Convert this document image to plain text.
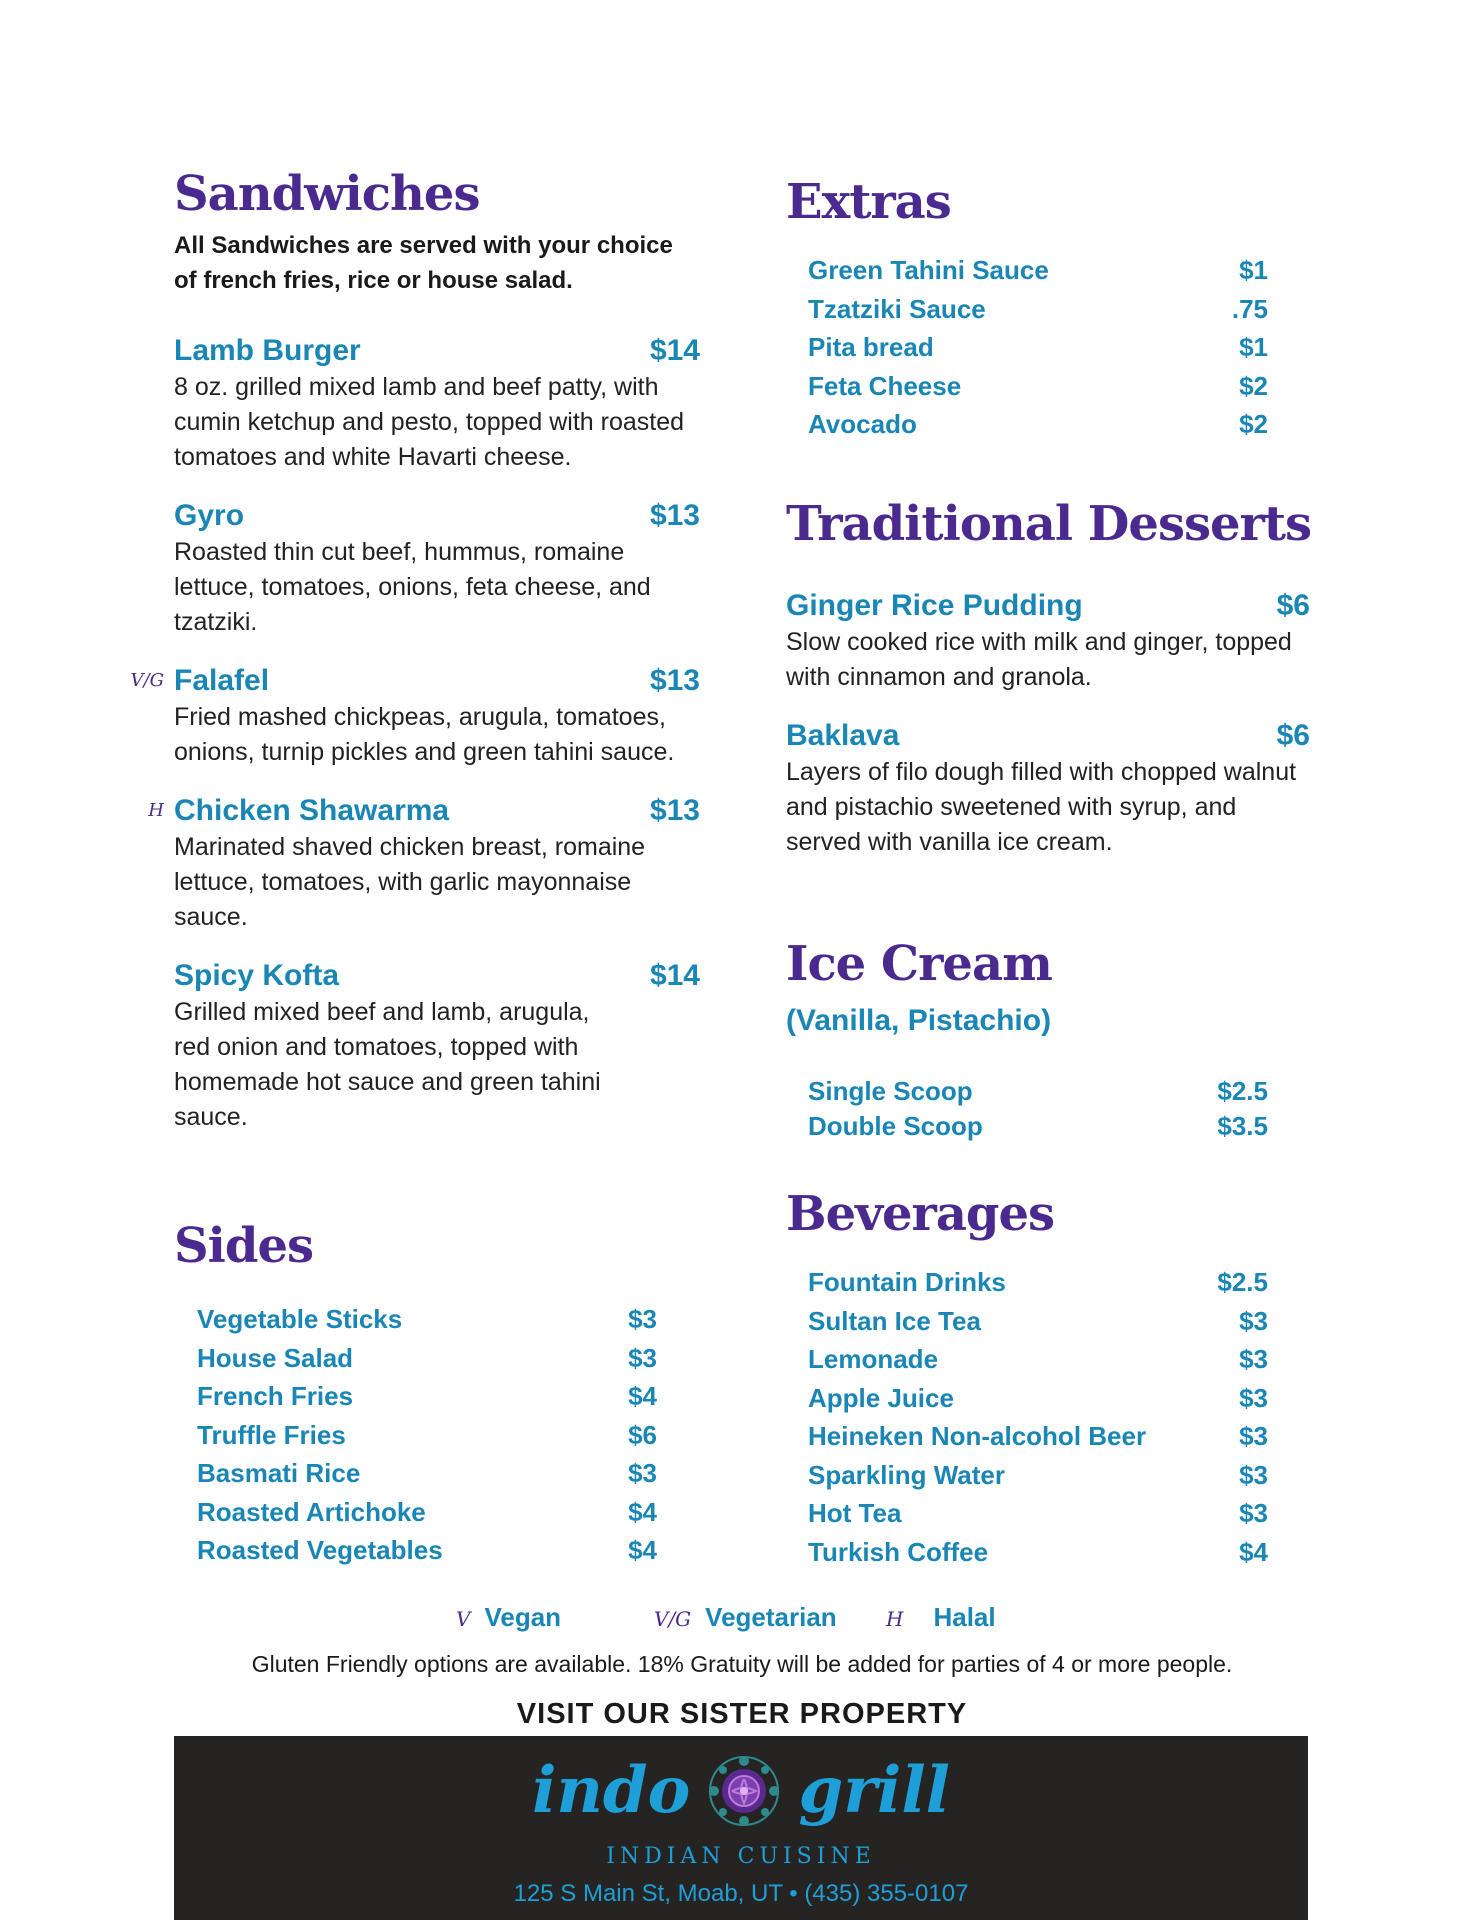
Sandwiches

All Sandwiches are served with your choice of french fries, rice or house salad.

Lamb Burger	$14

8 oz. grilled mixed lamb and beef patty, with cumin ketchup and pesto, topped with roasted tomatoes and white Havarti cheese.

Gyro	$13

Roasted thin cut beef, hummus, romaine lettuce, tomatoes, onions, feta cheese, and tzatziki.

V/G Falafel	$13

Fried mashed chickpeas, arugula, tomatoes, onions, turnip pickles and green tahini sauce.

H Chicken Shawarma	$13

Marinated shaved chicken breast, romaine lettuce, tomatoes, with garlic mayonnaise sauce.

Spicy Kofta	$14

Grilled mixed beef and lamb, arugula, red onion and tomatoes, topped with homemade hot sauce and green tahini sauce.

Sides
Vegetable Sticks	$3
House Salad	$3
French Fries	$4
Truffle Fries	$6
Basmati Rice	$3
Roasted Artichoke	$4
Roasted Vegetables	$4
Extras
Green Tahini Sauce	$1
Tzatziki Sauce	.75
Pita bread	$1
Feta Cheese	$2
Avocado	$2
Traditional Desserts
Ginger Rice Pudding	$6

Slow cooked rice with milk and ginger, topped with cinnamon and granola.

Baklava	$6

Layers of filo dough filled with chopped walnut and pistachio sweetened with syrup, and served with vanilla ice cream.

Ice Cream
(Vanilla, Pistachio)
Single Scoop	$2.5
Double Scoop	$3.5
Beverages
Fountain Drinks	$2.5
Sultan Ice Tea	$3
Lemonade	$3
Apple Juice	$3
Heineken Non-alcohol Beer	$3
Sparkling Water	$3
Hot Tea	$3
Turkish Coffee	$4
V Vegan	V/G Vegetarian H Halal
Gluten Friendly options are available. 18% Gratuity will be added for parties of 4 or more people.
VISIT OUR SISTER PROPERTY
indo grill
INDIAN CUISINE
125 S Main St, Moab, UT • (435) 355-0107
